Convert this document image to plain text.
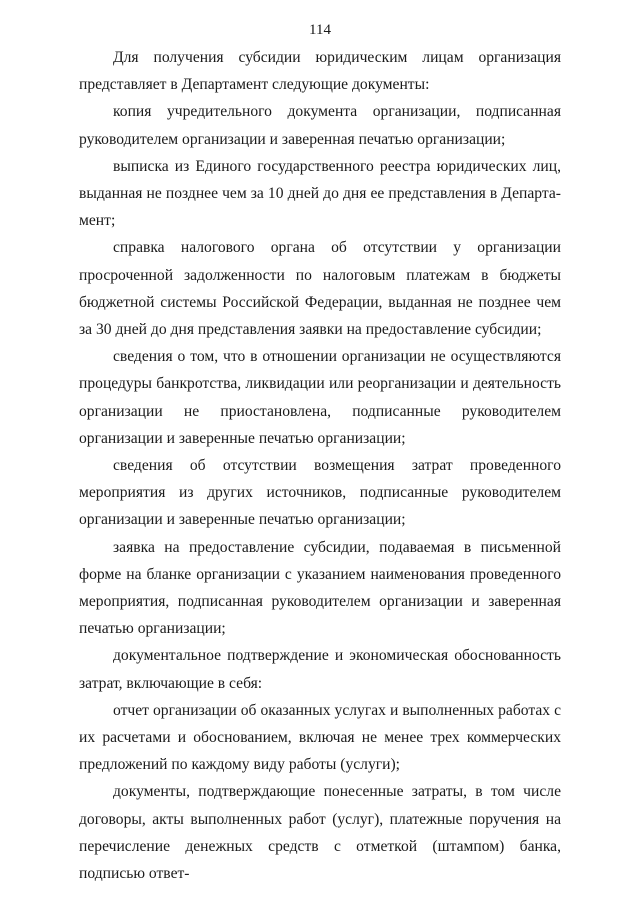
114

Для получения субсидии юридическим лицам организация представляет в Департамент следующие документы:

копия учредительного документа организации, подписанная руководителем организации и заверенная печатью организации;

выписка из Единого государственного реестра юридических лиц, выданная не позднее чем за 10 дней до дня ее представления в Департамент;

справка налогового органа об отсутствии у организации просроченной задолженности по налоговым платежам в бюджеты бюджетной системы Российской Федерации, выданная не позднее чем за 30 дней до дня представления заявки на предоставление субсидии;

сведения о том, что в отношении организации не осуществляются процедуры банкротства, ликвидации или реорганизации и деятельность организации не приостановлена, подписанные руководителем организации и заверенные печатью организации;

сведения об отсутствии возмещения затрат проведенного мероприятия из других источников, подписанные руководителем организации и заверенные печатью организации;

заявка на предоставление субсидии, подаваемая в письменной форме на бланке организации с указанием наименования проведенного мероприятия, подписанная руководителем организации и заверенная печатью организации;

документальное подтверждение и экономическая обоснованность затрат, включающие в себя:

отчет организации об оказанных услугах и выполненных работах с их расчетами и обоснованием, включая не менее трех коммерческих предложений по каждому виду работы (услуги);

документы, подтверждающие понесенные затраты, в том числе договоры, акты выполненных работ (услуг), платежные поручения на перечисление денежных средств с отметкой (штампом) банка, подписью ответ-
